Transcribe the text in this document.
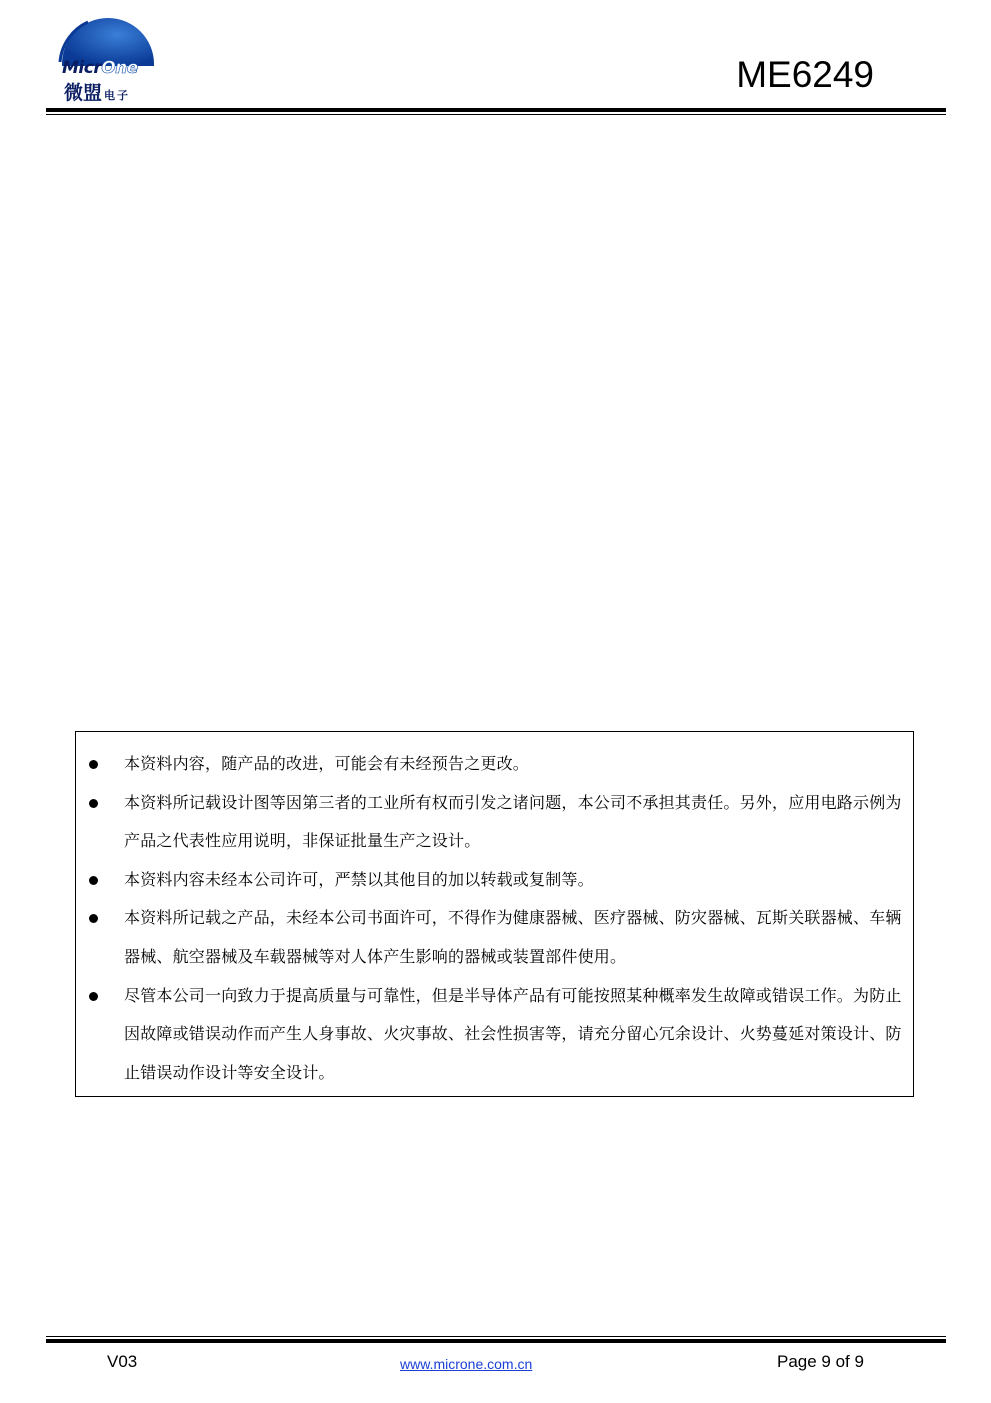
MicrOne
微盟 电子
ME6249
本资料内容，随产品的改进，可能会有未经预告之更改。
本资料所记载设计图等因第三者的工业所有权而引发之诸问题，本公司不承担其责任。另外，应用电路示例为产品之代表性应用说明，非保证批量生产之设计。
本资料内容未经本公司许可，严禁以其他目的加以转载或复制等。
本资料所记载之产品，未经本公司书面许可，不得作为健康器械、医疗器械、防灾器械、瓦斯关联器械、车辆器械、航空器械及车载器械等对人体产生影响的器械或装置部件使用。
尽管本公司一向致力于提高质量与可靠性，但是半导体产品有可能按照某种概率发生故障或错误工作。为防止因故障或错误动作而产生人身事故、火灾事故、社会性损害等，请充分留心冗余设计、火势蔓延对策设计、防止错误动作设计等安全设计。
V03	www.microne.com.cn	Page 9 of 9
